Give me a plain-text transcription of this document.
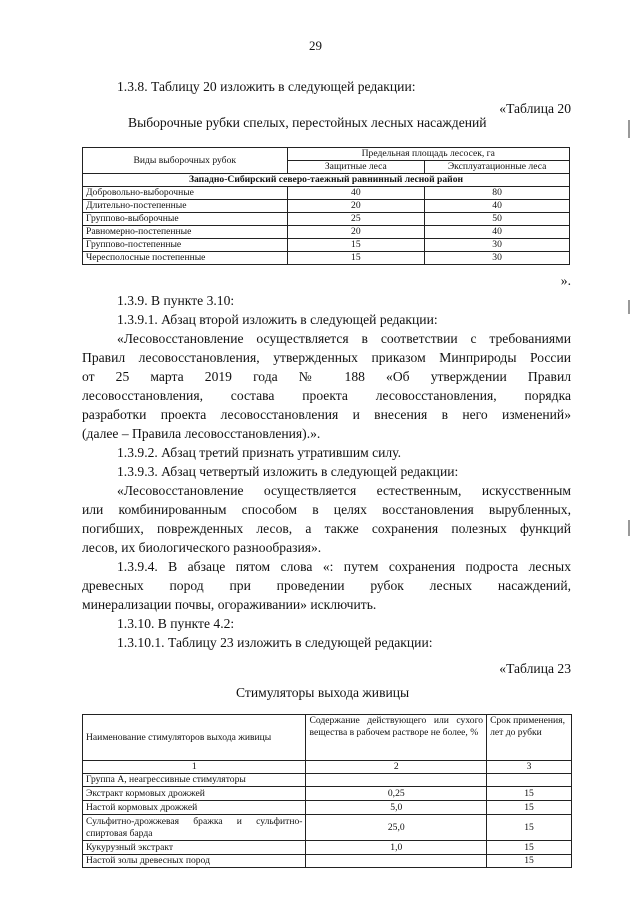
29
1.3.8. Таблицу 20 изложить в следующей редакции:
«Таблица 20
Выборочные рубки спелых, перестойных лесных насаждений
Виды выборочных рубок	Предельная площадь лесосек, га	
	Защитные леса	Эксплуатационные леса
Западно-Сибирский северо-таежный равнинный лесной район		
Добровольно-выборочные	40	80
Длительно-постепенные	20	40
Группово-выборочные	25	50
Равномерно-постепенные	20	40
Группово-постепенные	15	30
Чересполосные постепенные	15	30
».
1.3.9. В пункте 3.10:
1.3.9.1. Абзац второй изложить в следующей редакции:
«Лесовосстановление осуществляется в соответствии с требованиями
Правил лесовосстановления, утвержденных приказом Минприроды России
от 25 марта 2019 года № 188 «Об утверждении Правил
лесовосстановления, состава проекта лесовосстановления, порядка
разработки проекта лесовосстановления и внесения в него изменений»
(далее – Правила лесовосстановления).».
1.3.9.2. Абзац третий признать утратившим силу.
1.3.9.3. Абзац четвертый изложить в следующей редакции:
«Лесовосстановление осуществляется естественным, искусственным
или комбинированным способом в целях восстановления вырубленных,
погибших, поврежденных лесов, а также сохранения полезных функций
лесов, их биологического разнообразия».
1.3.9.4. В абзаце пятом слова «: путем сохранения подроста лесных
древесных пород при проведении рубок лесных насаждений,
минерализации почвы, огораживании» исключить.
1.3.10. В пункте 4.2:
1.3.10.1. Таблицу 23 изложить в следующей редакции:
«Таблица 23
Стимуляторы выхода живицы
Наименование стимуляторов выхода живицы	Содержание действующего или сухого вещества в рабочем растворе не более, %	Срок применения, лет до рубки
1	2	3
Группа А, неагрессивные стимуляторы		
Экстракт кормовых дрожжей	0,25	15
Настой кормовых дрожжей	5,0	15
Сульфитно-дрожжевая бражка и сульфитно-спиртовая барда	25,0	15
Кукурузный экстракт	1,0	15
Настой золы древесных пород		15
